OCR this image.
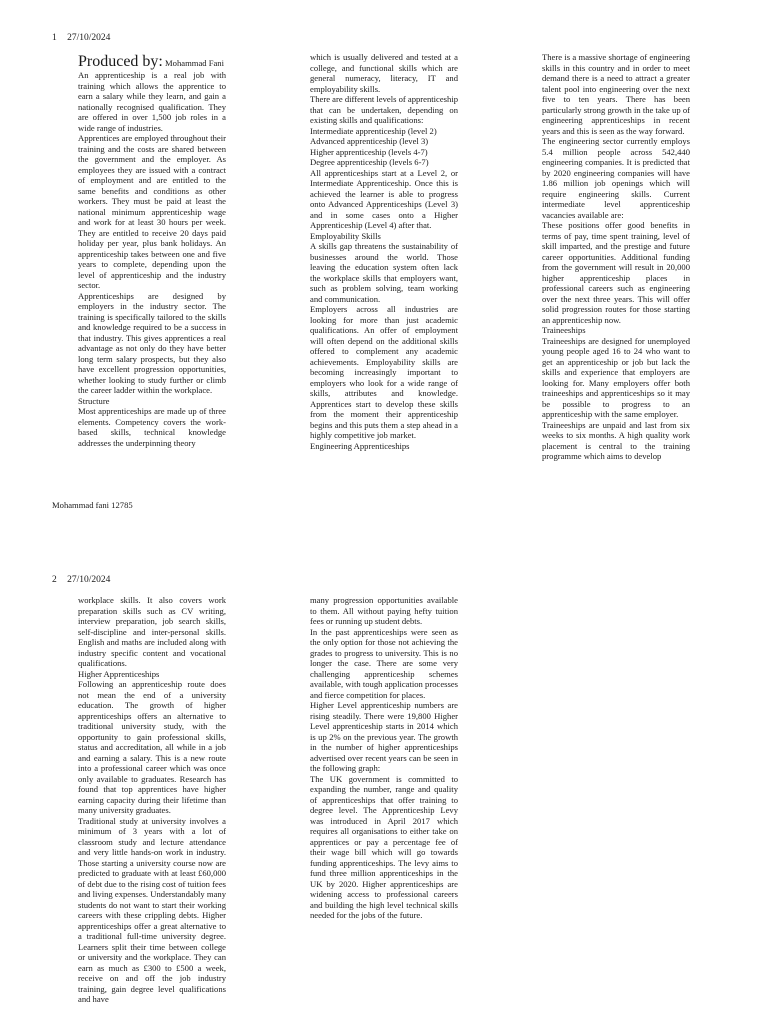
1 27/10/2024

Produced by: Mohammad Fani

An apprenticeship is a real job with training which allows the apprentice to earn a salary while they learn, and gain a nationally recognised qualification. They are offered in over 1,500 job roles in a wide range of industries.

Apprentices are employed throughout their training and the costs are shared between the government and the employer. As employees they are issued with a contract of employment and are entitled to the same benefits and conditions as other workers. They must be paid at least the national minimum apprenticeship wage and work for at least 30 hours per week. They are entitled to receive 20 days paid holiday per year, plus bank holidays. An apprenticeship takes between one and five years to complete, depending upon the level of apprenticeship and the industry sector.

Apprenticeships are designed by employers in the industry sector. The training is specifically tailored to the skills and knowledge required to be a success in that industry. This gives apprentices a real advantage as not only do they have better long term salary prospects, but they also have excellent progression opportunities, whether looking to study further or climb the career ladder within the workplace.

Structure

Most apprenticeships are made up of three elements. Competency covers the work-based skills, technical knowledge addresses the underpinning theory

which is usually delivered and tested at a college, and functional skills which are general numeracy, literacy, IT and employability skills.

There are different levels of apprenticeship that can be undertaken, depending on existing skills and qualifications:

Intermediate apprenticeship (level 2)

Advanced apprenticeship (level 3)

Higher apprenticeship (levels 4-7)

Degree apprenticeship (levels 6-7)

All apprenticeships start at a Level 2, or Intermediate Apprenticeship. Once this is achieved the learner is able to progress onto Advanced Apprenticeships (Level 3) and in some cases onto a Higher Apprenticeship (Level 4) after that.

Employability Skills

A skills gap threatens the sustainability of businesses around the world. Those leaving the education system often lack the workplace skills that employers want, such as problem solving, team working and communication.

Employers across all industries are looking for more than just academic qualifications. An offer of employment will often depend on the additional skills offered to complement any academic achievements. Employability skills are becoming increasingly important to employers who look for a wide range of skills, attributes and knowledge. Apprentices start to develop these skills from the moment their apprenticeship begins and this puts them a step ahead in a highly competitive job market.

Engineering Apprenticeships

There is a massive shortage of engineering skills in this country and in order to meet demand there is a need to attract a greater talent pool into engineering over the next five to ten years. There has been particularly strong growth in the take up of engineering apprenticeships in recent years and this is seen as the way forward.

The engineering sector currently employs 5.4 million people across 542,440 engineering companies. It is predicted that by 2020 engineering companies will have 1.86 million job openings which will require engineering skills. Current intermediate level apprenticeship vacancies available are:

These positions offer good benefits in terms of pay, time spent training, level of skill imparted, and the prestige and future career opportunities. Additional funding from the government will result in 20,000 higher apprenticeship places in professional careers such as engineering over the next three years. This will offer solid progression routes for those starting an apprenticeship now.

Traineeships

Traineeships are designed for unemployed young people aged 16 to 24 who want to get an apprenticeship or job but lack the skills and experience that employers are looking for. Many employers offer both traineeships and apprenticeships so it may be possible to progress to an apprenticeship with the same employer.

Traineeships are unpaid and last from six weeks to six months. A high quality work placement is central to the training programme which aims to develop

Mohammad fani 12785
2 27/10/2024

workplace skills. It also covers work preparation skills such as CV writing, interview preparation, job search skills, self-discipline and inter-personal skills. English and maths are included along with industry specific content and vocational qualifications.

Higher Apprenticeships

Following an apprenticeship route does not mean the end of a university education. The growth of higher apprenticeships offers an alternative to traditional university study, with the opportunity to gain professional skills, status and accreditation, all while in a job and earning a salary. This is a new route into a professional career which was once only available to graduates. Research has found that top apprentices have higher earning capacity during their lifetime than many university graduates.

Traditional study at university involves a minimum of 3 years with a lot of classroom study and lecture attendance and very little hands-on work in industry. Those starting a university course now are predicted to graduate with at least £60,000 of debt due to the rising cost of tuition fees and living expenses. Understandably many students do not want to start their working careers with these crippling debts. Higher apprenticeships offer a great alternative to a traditional full-time university degree. Learners split their time between college or university and the workplace. They can earn as much as £300 to £500 a week, receive on and off the job industry training, gain degree level qualifications and have

many progression opportunities available to them. All without paying hefty tuition fees or running up student debts.

In the past apprenticeships were seen as the only option for those not achieving the grades to progress to university. This is no longer the case. There are some very challenging apprenticeship schemes available, with tough application processes and fierce competition for places.

Higher Level apprenticeship numbers are rising steadily. There were 19,800 Higher Level apprenticeship starts in 2014 which is up 2% on the previous year. The growth in the number of higher apprenticeships advertised over recent years can be seen in the following graph:

The UK government is committed to expanding the number, range and quality of apprenticeships that offer training to degree level. The Apprenticeship Levy was introduced in April 2017 which requires all organisations to either take on apprentices or pay a percentage fee of their wage bill which will go towards funding apprenticeships. The levy aims to fund three million apprenticeships in the UK by 2020. Higher apprenticeships are widening access to professional careers and building the high level technical skills needed for the jobs of the future.
